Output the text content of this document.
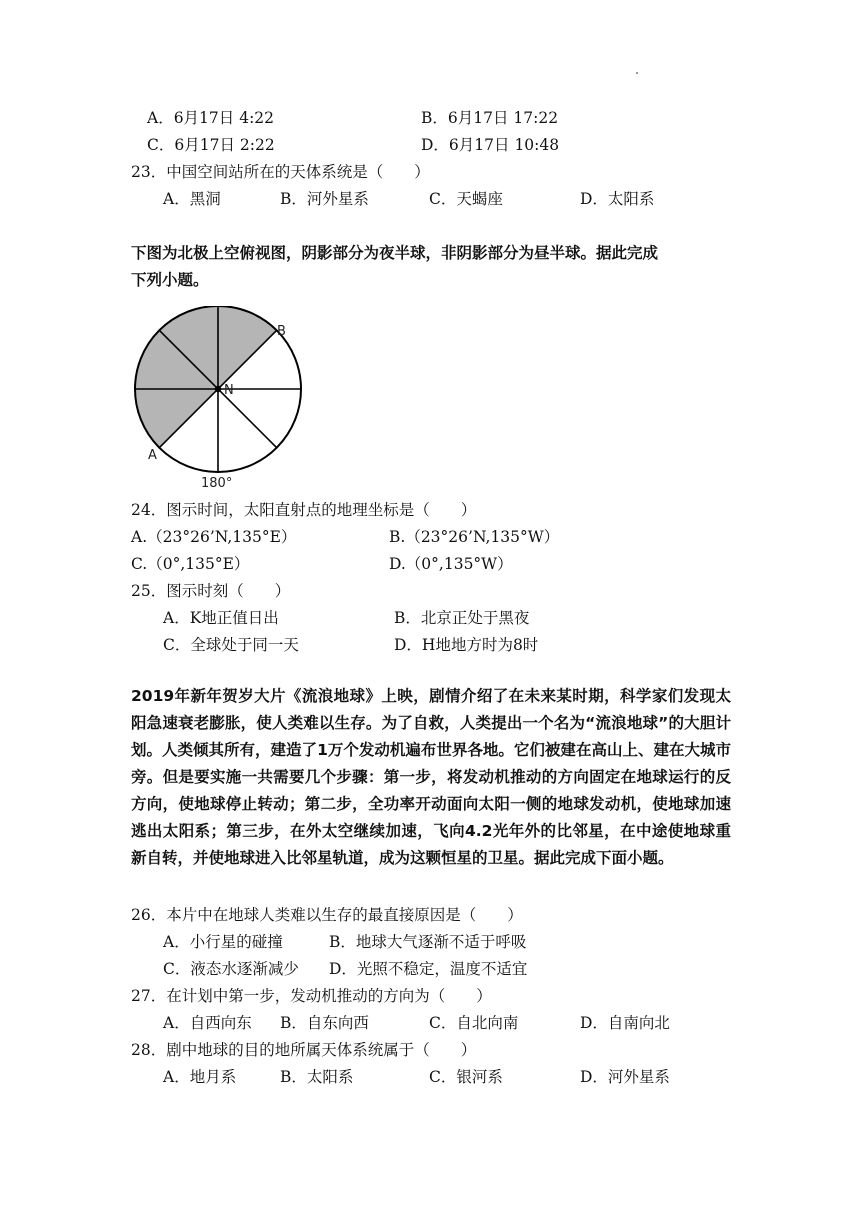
A．6月17日 4:22	B．6月17日 17:22
C．6月17日 2:22	D．6月17日 10:48
23．中国空间站所在的天体系统是（　　）
A．黑洞	B．河外星系	C．天蝎座	D．太阳系
下图为北极上空俯视图，阴影部分为夜半球，非阴影部分为昼半球。据此完成
下列小题。
B
N
A
180°
24．图示时间，太阳直射点的地理坐标是（　　）
A.（23°26’N,135°E）	B.（23°26’N,135°W）
C.（0°,135°E）	D.（0°,135°W）
25．图示时刻（　　）
A．K地正值日出	B．北京正处于黑夜
C．全球处于同一天	D．H地地方时为8时
2019年新年贺岁大片《流浪地球》上映，剧情介绍了在未来某时期，科学家们发现太阳急速衰老膨胀，使人类难以生存。为了自救，人类提出一个名为“流浪地球”的大胆计划。人类倾其所有，建造了1万个发动机遍布世界各地。它们被建在高山上、建在大城市旁。但是要实施一共需要几个步骤：第一步，将发动机推动的方向固定在地球运行的反方向，使地球停止转动；第二步，全功率开动面向太阳一侧的地球发动机，使地球加速逃出太阳系；第三步，在外太空继续加速，飞向4.2光年外的比邻星，在中途使地球重新自转，并使地球进入比邻星轨道，成为这颗恒星的卫星。据此完成下面小题。
26．本片中在地球人类难以生存的最直接原因是（　　）
A．小行星的碰撞	B．地球大气逐渐不适于呼吸
C．液态水逐渐减少 D．光照不稳定，温度不适宜
27．在计划中第一步，发动机推动的方向为（　　）
A．自西向东 B．自东向西	C．自北向南	D．自南向北
28．剧中地球的目的地所属天体系统属于（　　）
A．地月系	B．太阳系	C．银河系	D．河外星系
